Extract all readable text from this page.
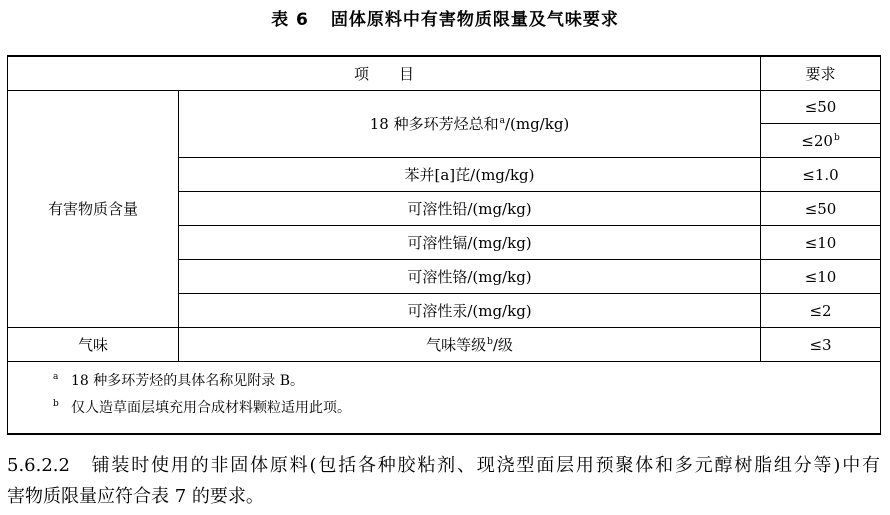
表 6 固体原料中有害物质限量及气味要求
项　　目		要求
有害物质含量	18 种多环芳烃总和$^a$/(mg/kg)	≤50
		≤20$^b$
	苯并[a]芘/(mg/kg)	≤1.0
	可溶性铅/(mg/kg)	≤50
	可溶性镉/(mg/kg)	≤10
	可溶性铬/(mg/kg)	≤10
	可溶性汞/(mg/kg)	≤2
气味	气味等级$^b$/级	≤3

a 18 种多环芳烃的具体名称见附录 B。
b 仅人造草面层填充用合成材料颗粒适用此项。		
5.6.2.2　铺装时使用的非固体原料(包括各种胶粘剂、现浇型面层用预聚体和多元醇树脂组分等)中有
害物质限量应符合表 7 的要求。
